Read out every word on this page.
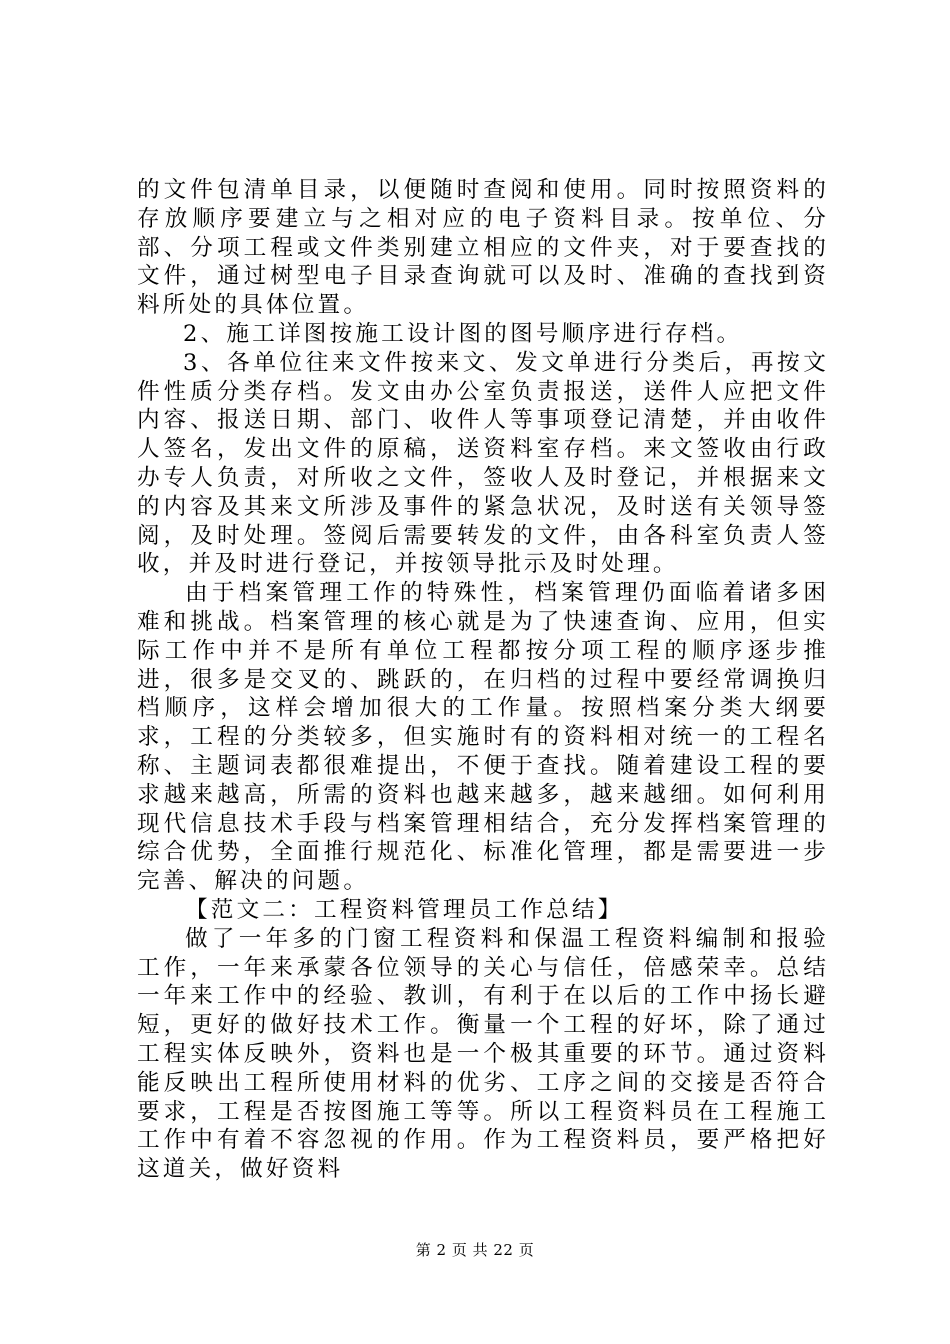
的文件包清单目录，以便随时查阅和使用。同时按照资料的存放顺序要建立与之相对应的电子资料目录。按单位、分部、分项工程或文件类别建立相应的文件夹，对于要查找的文件，通过树型电子目录查询就可以及时、准确的查找到资料所处的具体位置。

2、施工详图按施工设计图的图号顺序进行存档。

3、各单位往来文件按来文、发文单进行分类后，再按文件性质分类存档。发文由办公室负责报送，送件人应把文件内容、报送日期、部门、收件人等事项登记清楚，并由收件人签名，发出文件的原稿，送资料室存档。来文签收由行政办专人负责，对所收之文件，签收人及时登记，并根据来文的内容及其来文所涉及事件的紧急状况，及时送有关领导签阅，及时处理。签阅后需要转发的文件，由各科室负责人签收，并及时进行登记，并按领导批示及时处理。

由于档案管理工作的特殊性，档案管理仍面临着诸多困难和挑战。档案管理的核心就是为了快速查询、应用，但实际工作中并不是所有单位工程都按分项工程的顺序逐步推进，很多是交叉的、跳跃的，在归档的过程中要经常调换归档顺序，这样会增加很大的工作量。按照档案分类大纲要求，工程的分类较多，但实施时有的资料相对统一的工程名称、主题词表都很难提出，不便于查找。随着建设工程的要求越来越高，所需的资料也越来越多，越来越细。如何利用现代信息技术手段与档案管理相结合，充分发挥档案管理的综合优势，全面推行规范化、标准化管理，都是需要进一步完善、解决的问题。

【范文二：工程资料管理员工作总结】

做了一年多的门窗工程资料和保温工程资料编制和报验工作，一年来承蒙各位领导的关心与信任，倍感荣幸。总结一年来工作中的经验、教训，有利于在以后的工作中扬长避短，更好的做好技术工作。衡量一个工程的好坏，除了通过工程实体反映外，资料也是一个极其重要的环节。通过资料能反映出工程所使用材料的优劣、工序之间的交接是否符合要求，工程是否按图施工等等。所以工程资料员在工程施工工作中有着不容忽视的作用。作为工程资料员，要严格把好这道关，做好资料

第 2 页 共 22 页
